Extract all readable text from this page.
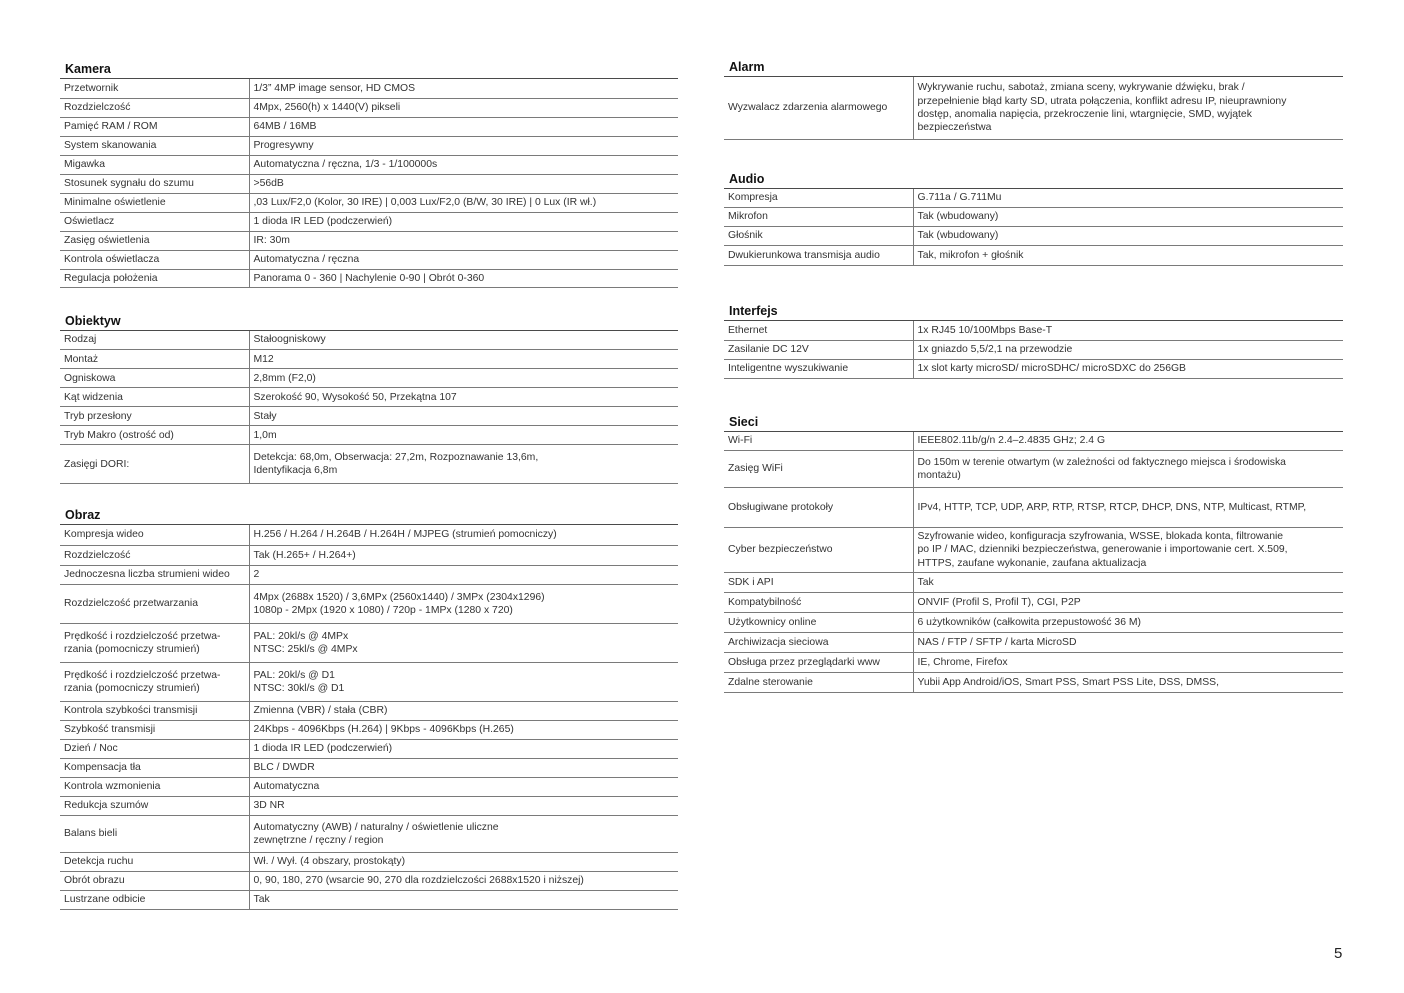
Kamera
Przetwornik	1/3” 4MP image sensor, HD CMOS
Rozdzielczość	4Mpx, 2560(h) x 1440(V) pikseli
Pamięć RAM / ROM	64MB / 16MB
System skanowania	Progresywny
Migawka	Automatyczna / ręczna, 1/3 - 1/100000s
Stosunek sygnału do szumu	>56dB
Minimalne oświetlenie	,03 Lux/F2,0 (Kolor, 30 IRE) | 0,003 Lux/F2,0 (B/W, 30 IRE) | 0 Lux (IR wł.)
Oświetlacz	1 dioda IR LED (podczerwień)
Zasięg oświetlenia	IR: 30m
Kontrola oświetlacza	Automatyczna / ręczna
Regulacja położenia	Panorama 0 - 360 | Nachylenie 0-90 | Obrót 0-360
Obiektyw
Rodzaj	Stałoogniskowy
Montaż	M12
Ogniskowa	2,8mm (F2,0)
Kąt widzenia	Szerokość 90, Wysokość 50, Przekątna 107
Tryb przesłony	Stały
Tryb Makro (ostrość od)	1,0m
Zasięgi DORI:	Detekcja: 68,0m, Obserwacja: 27,2m, Rozpoznawanie 13,6m,
Identyfikacja 6,8m
Obraz
Kompresja wideo	H.256 / H.264 / H.264B / H.264H / MJPEG (strumień pomocniczy)
Rozdzielczość	Tak (H.265+ / H.264+)
Jednoczesna liczba strumieni wideo	2
Rozdzielczość przetwarzania	4Mpx (2688x 1520) / 3,6MPx (2560x1440) / 3MPx (2304x1296)
1080p - 2Mpx (1920 x 1080) / 720p - 1MPx (1280 x 720)
Prędkość i rozdzielczość przetwa-
rzania (pomocniczy strumień)	PAL: 20kl/s @ 4MPx
NTSC: 25kl/s @ 4MPx
Prędkość i rozdzielczość przetwa-
rzania (pomocniczy strumień)	PAL: 20kl/s @ D1
NTSC: 30kl/s @ D1
Kontrola szybkości transmisji	Zmienna (VBR) / stała (CBR)
Szybkość transmisji	24Kbps - 4096Kbps (H.264) | 9Kbps - 4096Kbps (H.265)
Dzień / Noc	1 dioda IR LED (podczerwień)
Kompensacja tła	BLC / DWDR
Kontrola wzmonienia	Automatyczna
Redukcja szumów	3D NR
Balans bieli	Automatyczny (AWB) / naturalny / oświetlenie uliczne
zewnętrzne / ręczny / region
Detekcja ruchu	Wł. / Wył. (4 obszary, prostokąty)
Obrót obrazu	0, 90, 180, 270 (wsarcie 90, 270 dla rozdzielczości 2688x1520 i niższej)
Lustrzane odbicie	Tak
Alarm
Wyzwalacz zdarzenia alarmowego	Wykrywanie ruchu, sabotaż, zmiana sceny, wykrywanie dźwięku, brak /
przepełnienie błąd karty SD, utrata połączenia, konflikt adresu IP, nieuprawniony
dostęp, anomalia napięcia, przekroczenie lini, wtargnięcie, SMD, wyjątek
bezpieczeństwa
Audio
Kompresja	G.711a / G.711Mu
Mikrofon	Tak (wbudowany)
Głośnik	Tak (wbudowany)
Dwukierunkowa transmisja audio	Tak, mikrofon + głośnik
Interfejs
Ethernet	1x RJ45 10/100Mbps Base-T
Zasilanie DC 12V	1x gniazdo 5,5/2,1 na przewodzie
Inteligentne wyszukiwanie	1x slot karty microSD/ microSDHC/ microSDXC do 256GB
Sieci
Wi-Fi	IEEE802.11b/g/n 2.4–2.4835 GHz; 2.4 G
Zasięg WiFi	Do 150m w terenie otwartym (w zależności od faktycznego miejsca i środowiska
montażu)
Obsługiwane protokoły	IPv4, HTTP, TCP, UDP, ARP, RTP, RTSP, RTCP, DHCP, DNS, NTP, Multicast, RTMP,
Cyber bezpieczeństwo	Szyfrowanie wideo, konfiguracja szyfrowania, WSSE, blokada konta, filtrowanie
po IP / MAC, dzienniki bezpieczeństwa, generowanie i importowanie cert. X.509,
HTTPS, zaufane wykonanie, zaufana aktualizacja
SDK i API	Tak
Kompatybilność	ONVIF (Profil S, Profil T), CGI, P2P
Użytkownicy online	6 użytkowników (całkowita przepustowość 36 M)
Archiwizacja sieciowa	NAS / FTP / SFTP / karta MicroSD
Obsługa przez przeglądarki www	IE, Chrome, Firefox
Zdalne sterowanie	Yubii App Android/iOS, Smart PSS, Smart PSS Lite, DSS, DMSS,
5
